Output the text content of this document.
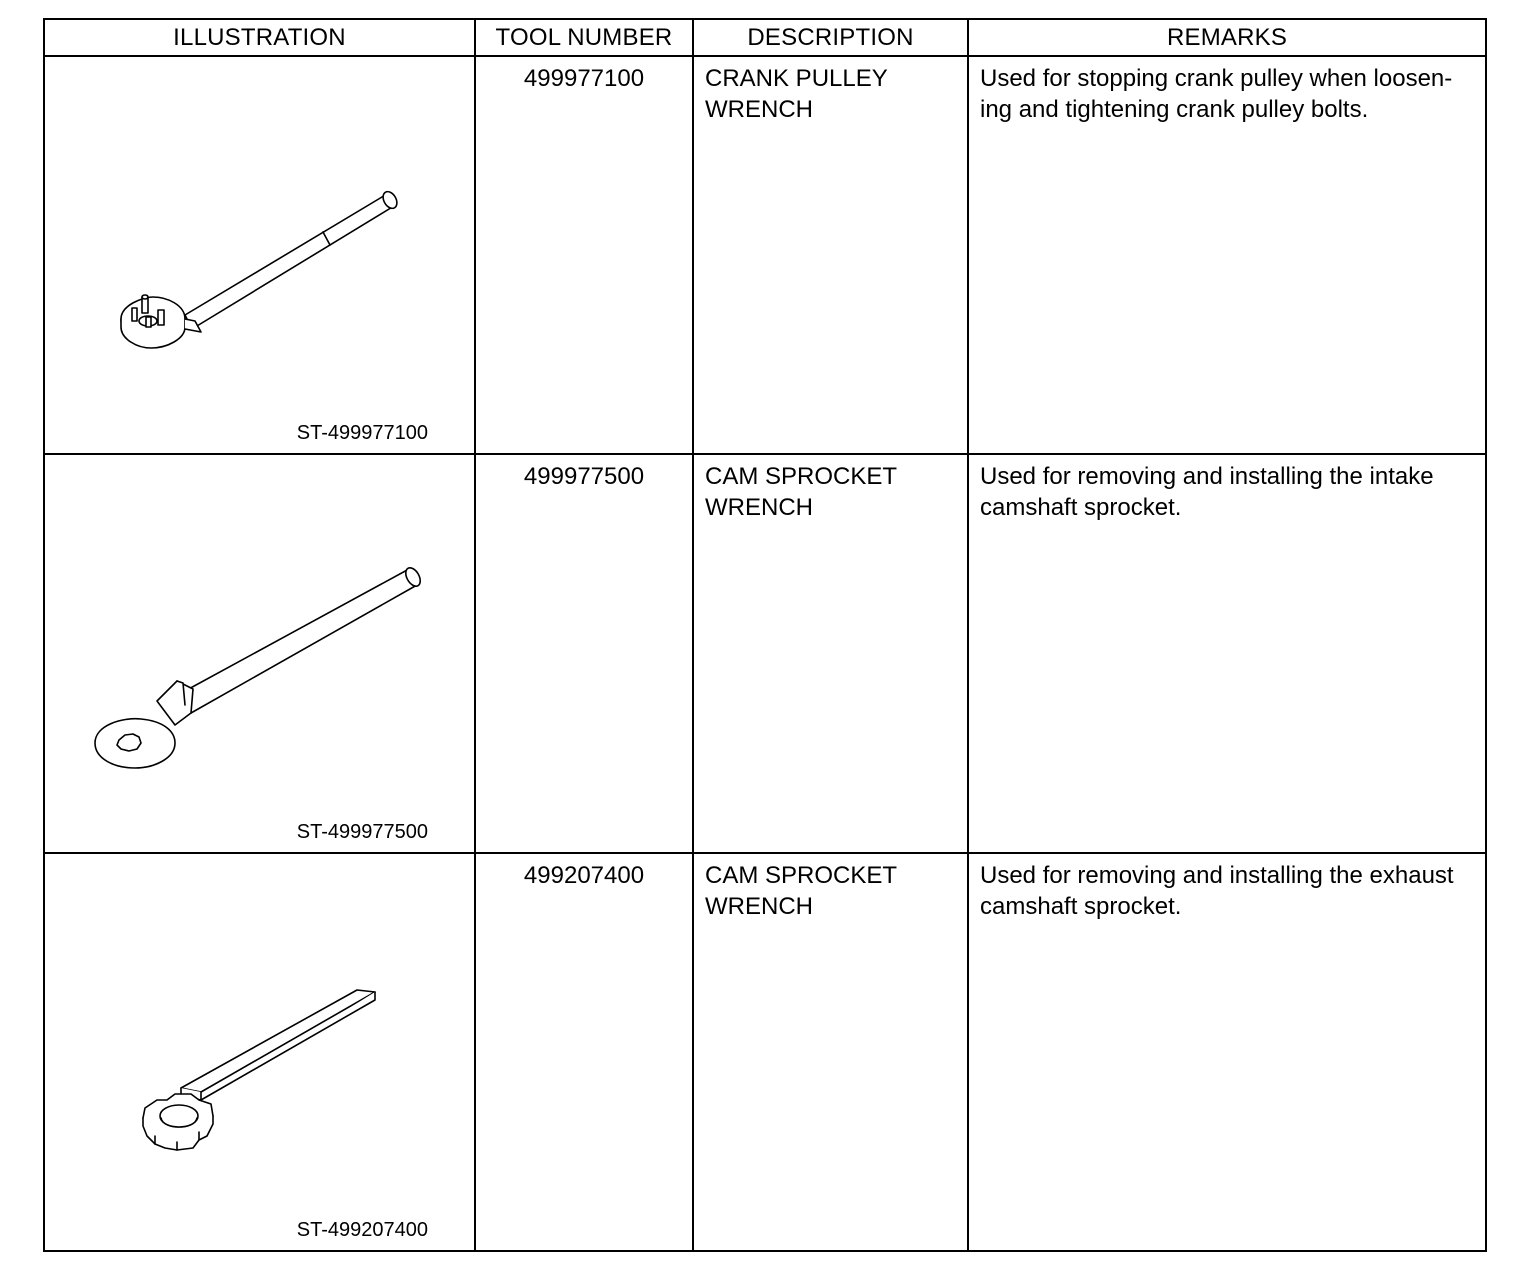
ILLUSTRATION	TOOL NUMBER	DESCRIPTION	REMARKS

ST-499977100	499977100	CRANK PULLEY WRENCH	Used for stopping crank pulley when loosen-ing and tightening crank pulley bolts.

ST-499977500	499977500	CAM SPROCKET WRENCH	Used for removing and installing the intake camshaft sprocket.

ST-499207400	499207400	CAM SPROCKET WRENCH	Used for removing and installing the exhaust camshaft sprocket.
